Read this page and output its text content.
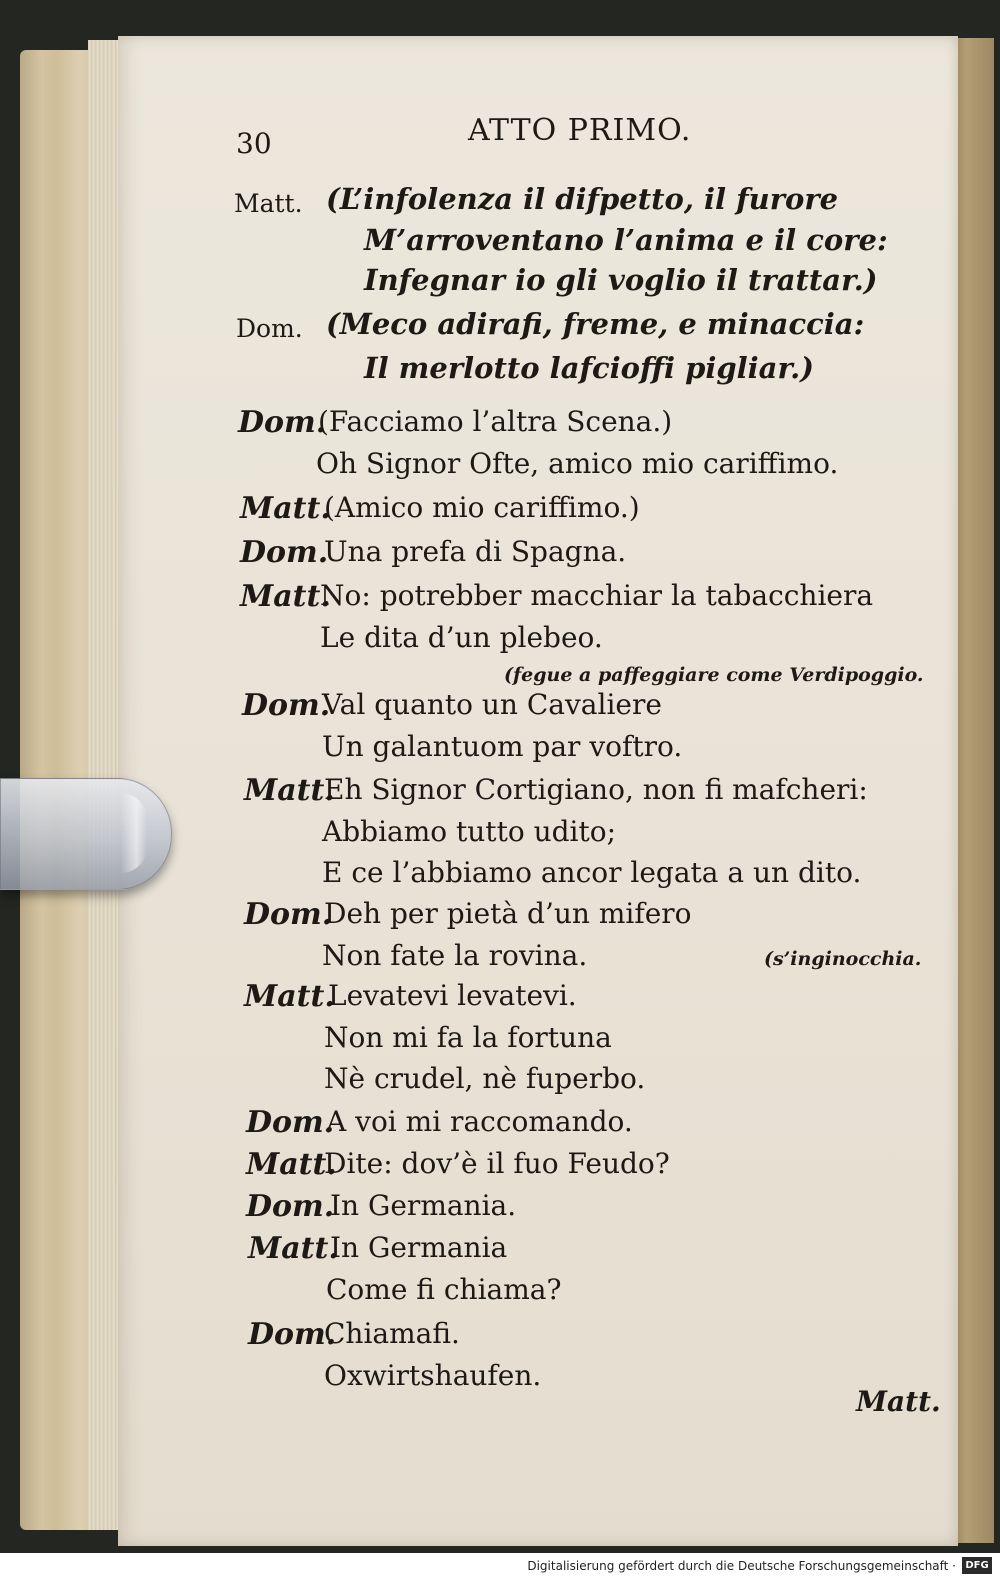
30	ATTO PRIMO.
Matt. (L’infolenza il difpetto, il furore
M’arroventano l’anima e il core:
Infegnar io gli voglio il trattar.)
Dom. (Meco adirafi, freme, e minaccia:
Il merlotto lafcioffi pigliar.)
Dom.
(Facciamo l’altra Scena.)
Oh Signor Ofte, amico mio cariffimo.
Matt.
(Amico mio cariffimo.)
Dom.
Una prefa di Spagna.
Matt.
No: potrebber macchiar la tabacchiera
Le dita d’un plebeo.
(fegue a paffeggiare come Verdipoggio.
Dom.
Val quanto un Cavaliere
Un galantuom par voftro.
Matt.
Eh Signor Cortigiano, non fi mafcheri:
Abbiamo tutto udito;
E ce l’abbiamo ancor legata a un dito.
Dom.
Deh per pietà d’un mifero
Non fate la rovina.	(s’inginocchia.
Matt.
Levatevi levatevi.
Non mi fa la fortuna
Nè crudel, nè fuperbo.
Dom.
A voi mi raccomando.
Matt.
Dite: dov’è il fuo Feudo?
Dom.
In Germania.
Matt.
In Germania
Come fi chiama?
Dom.
Chiamafi.
Oxwirtshaufen.
Matt.
Digitalisierung gefördert durch die Deutsche Forschungsgemeinschaft · DFG
